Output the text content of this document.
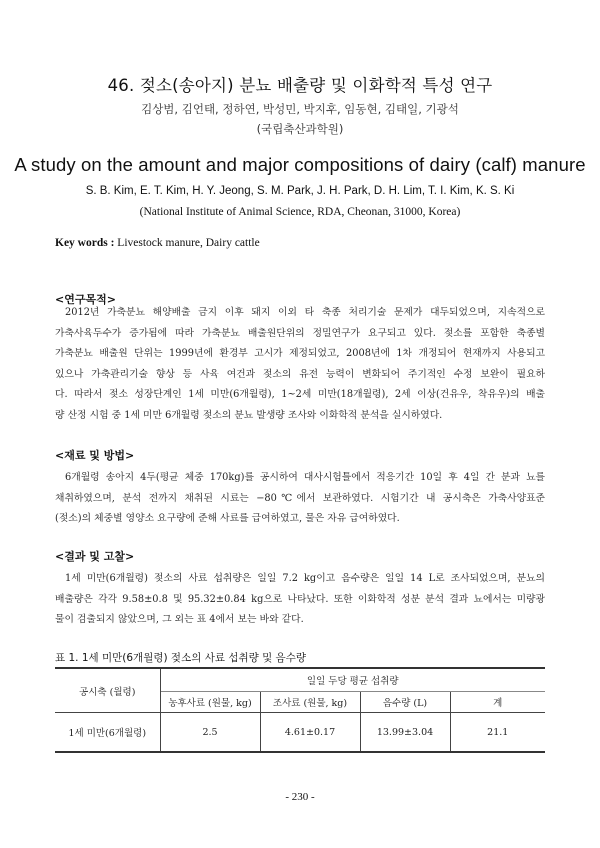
46. 젖소(송아지) 분뇨 배출량 및 이화학적 특성 연구
김상범, 김언태, 정하연, 박성민, 박지후, 임동현, 김태일, 기광석
(국립축산과학원)
A study on the amount and major compositions of dairy (calf) manure
S. B. Kim, E. T. Kim, H. Y. Jeong, S. M. Park, J. H. Park, D. H. Lim, T. I. Kim, K. S. Ki
(National Institute of Animal Science, RDA, Cheonan, 31000, Korea)
Key words : Livestock manure, Dairy cattle
<연구목적>
2012년 가축분뇨 해양배출 금지 이후 돼지 이외 타 축종 처리기술 문제가 대두되었으며, 지속적으로
가축사육두수가 증가됨에 따라 가축분뇨 배출원단위의 정밀연구가 요구되고 있다. 젖소를 포함한 축종별
가축분뇨 배출원 단위는 1999년에 환경부 고시가 제정되었고, 2008년에 1차 개정되어 현재까지 사용되고
있으나 가축관리기술 향상 등 사육 여건과 젖소의 유전 능력이 변화되어 주기적인 수정 보완이 필요하
다. 따라서 젖소 성장단계인 1세 미만(6개월령), 1~2세 미만(18개월령), 2세 이상(건유우, 착유우)의 배출
량 산정 시험 중 1세 미만 6개월령 젖소의 분뇨 발생량 조사와 이화학적 분석을 실시하였다.
<재료 및 방법>
6개월령 송아지 4두(평균 체중 170kg)를 공시하여 대사시험틀에서 적응기간 10일 후 4일 간 분과 뇨를
채취하였으며, 분석 전까지 채취된 시료는 −80℃에서 보관하였다. 시험기간 내 공시축은 가축사양표준
(젖소)의 체중별 영양소 요구량에 준해 사료를 급여하였고, 물은 자유 급여하였다.
<결과 및 고찰>
1세 미만(6개월령) 젖소의 사료 섭취량은 일일 7.2 kg이고 음수량은 일일 14 L로 조사되었으며, 분뇨의
배출량은 각각 9.58±0.8 및 95.32±0.84 kg으로 나타났다. 또한 이화학적 성분 분석 결과 뇨에서는 미량광
물이 검출되지 않았으며, 그 외는 표 4에서 보는 바와 같다.
표 1. 1세 미만(6개월령) 젖소의 사료 섭취량 및 음수량
공시축 (월령)	일일 두당 평균 섭취량			
	농후사료 (원물, kg)	조사료 (원물, kg)	음수량 (L)	계
1세 미만(6개월령)	2.5	4.61±0.17	13.99±3.04	21.1
- 230 -
